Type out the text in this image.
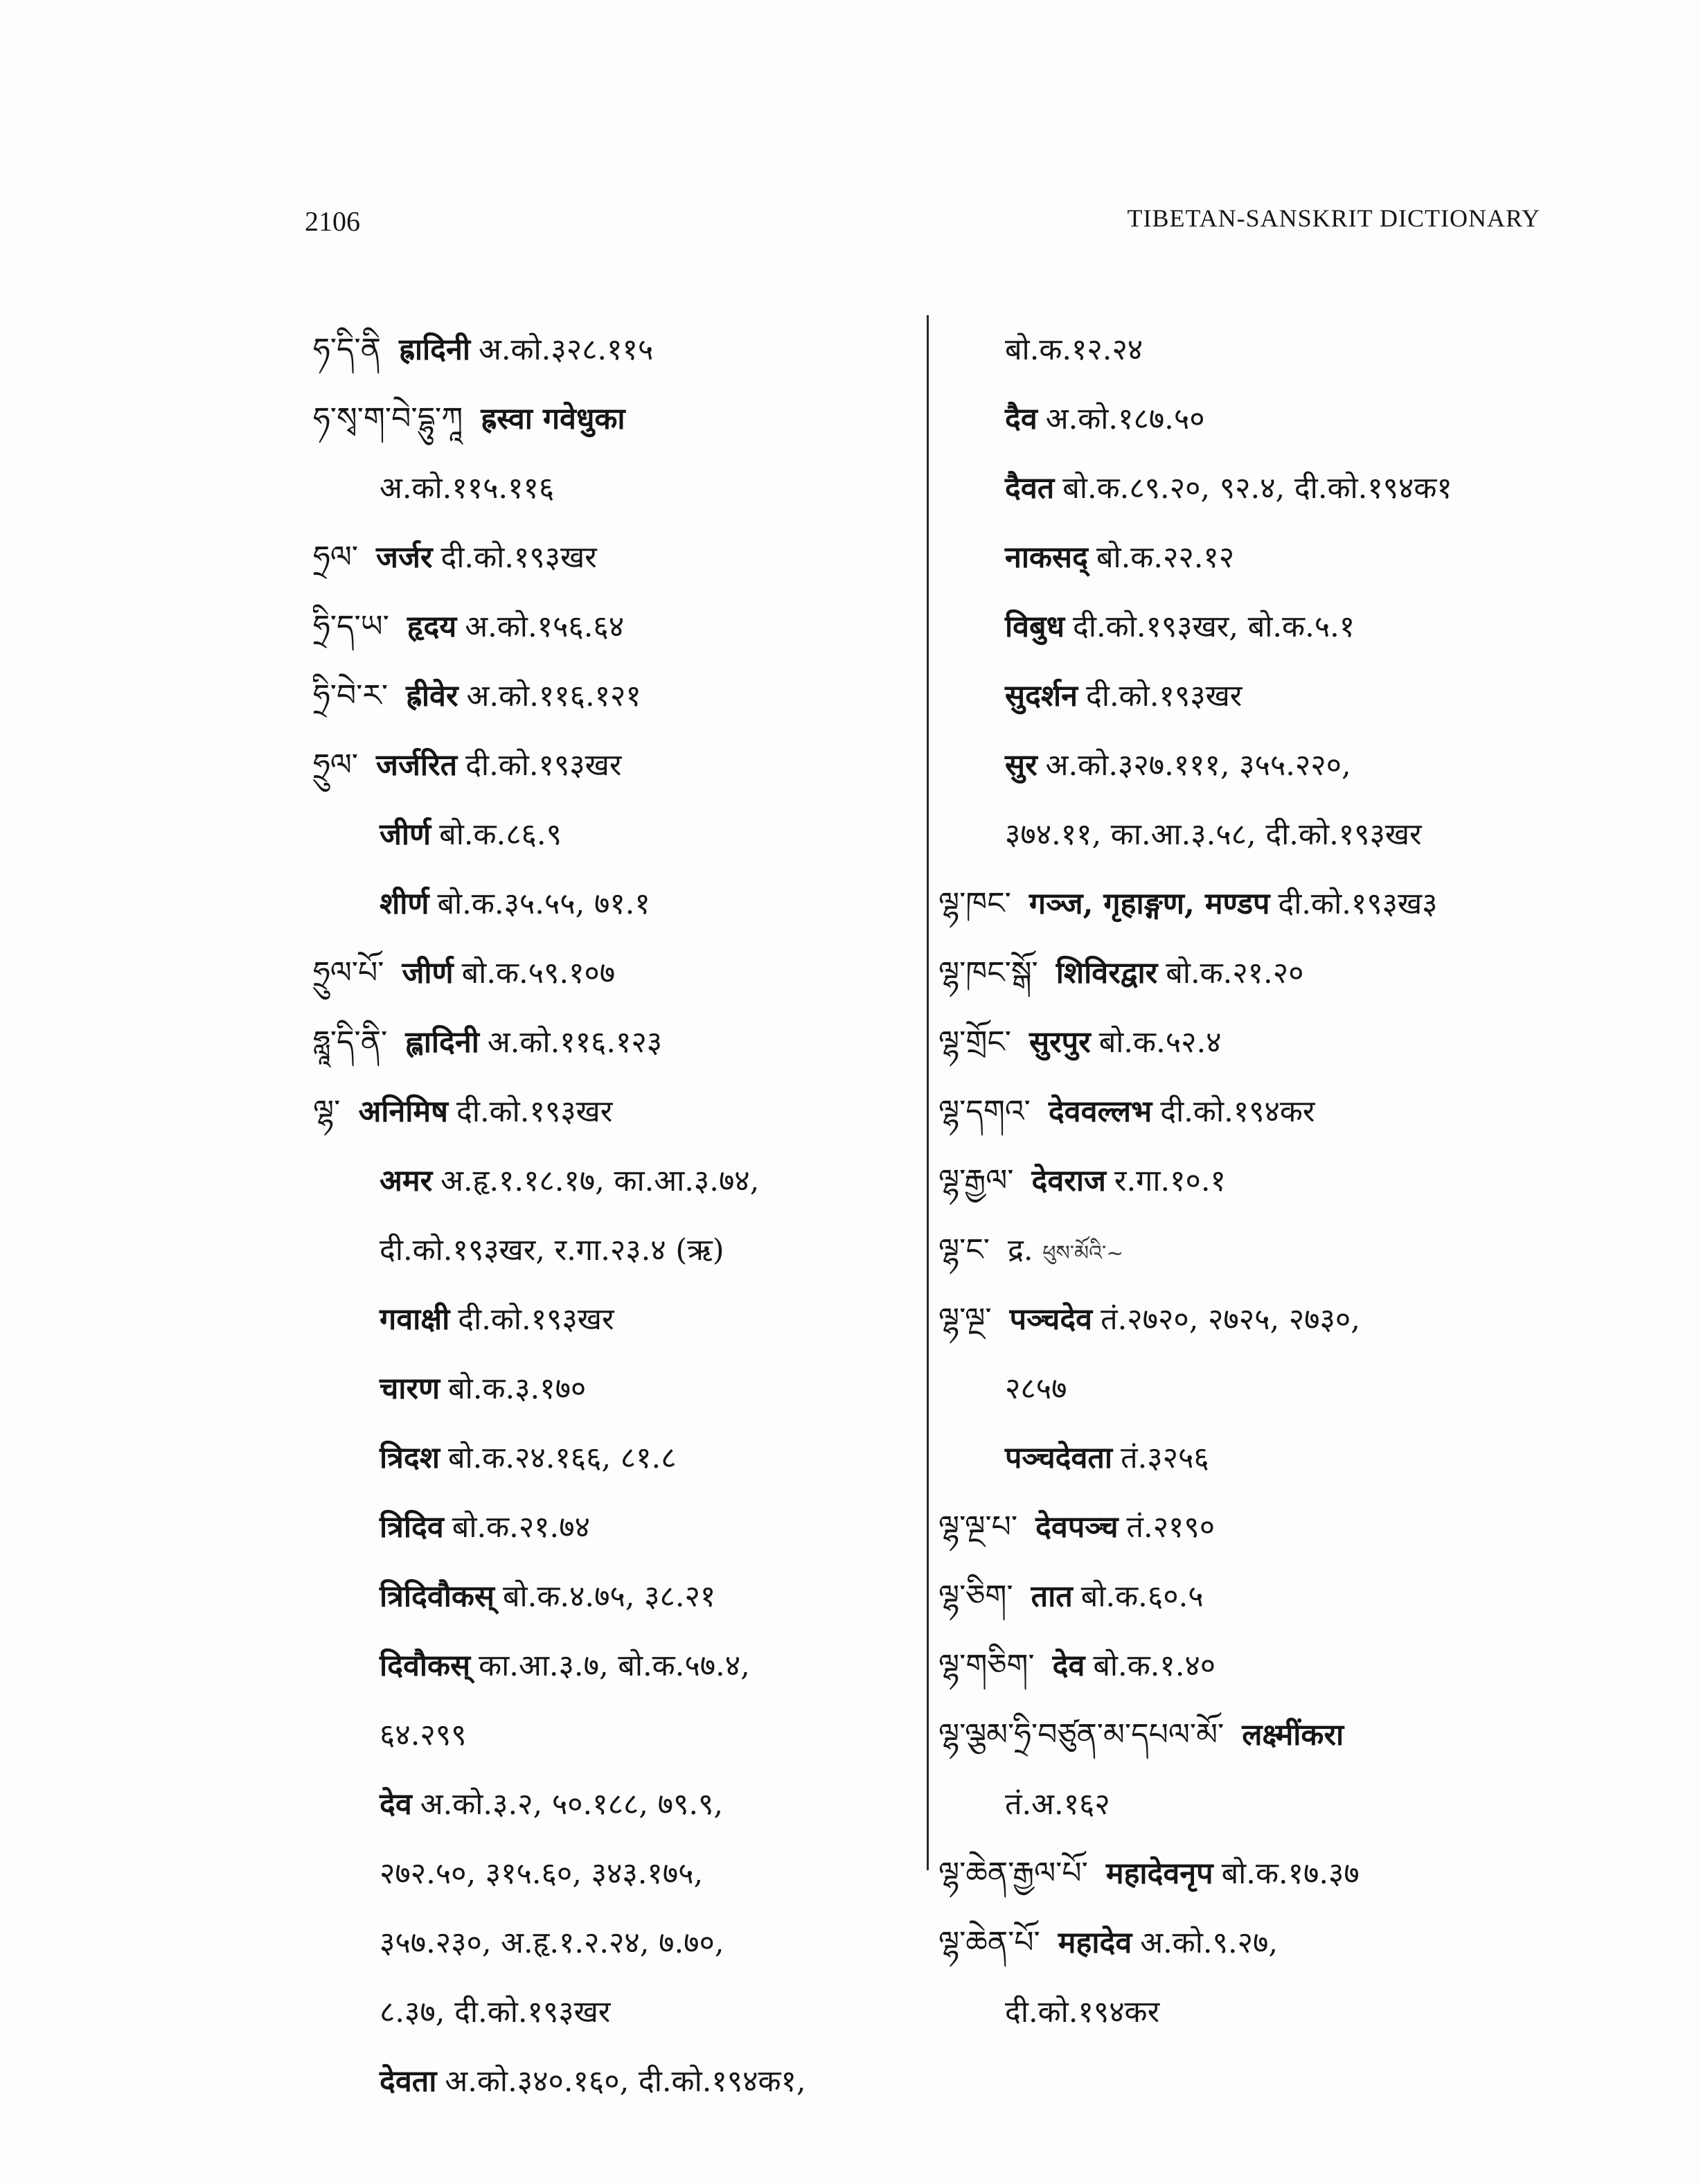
2106	TIBETAN-SANSKRIT DICTIONARY
ཧ་དི་ནི ह्रादिनी अ.को.३२८.११५
ཧ་སྭ་ག་བེ་དྷུ་ཀཱ ह्रस्वा गवेधुका
अ.को.११५.११६
ཧྲལ་ जर्जर दी.को.१९३खर
ཧྲི་ད་ཡ་ हृदय अ.को.१५६.६४
ཧྲི་བེ་ར་ ह्रीवेर अ.को.११६.१२१
ཧྲུལ་ जर्जरित दी.को.१९३खर
जीर्ण बो.क.८६.९
शीर्ण बो.क.३५.५५, ७१.१
ཧྲུལ་པོ་ जीर्ण बो.क.५९.१०७
ཧླཱ་དི་ནི་ ह्लादिनी अ.को.११६.१२३
ལྷ་ अनिमिष दी.को.१९३खर
अमर अ.हृ.१.१८.१७, का.आ.३.७४,
दी.को.१९३खर, र.गा.२३.४ (ऋ)
गवाक्षी दी.को.१९३खर
चारण बो.क.३.१७०
त्रिदश बो.क.२४.१६६, ८१.८
त्रिदिव बो.क.२१.७४
त्रिदिवौकस् बो.क.४.७५, ३८.२१
दिवौकस् का.आ.३.७, बो.क.५७.४,
६४.२९९
देव अ.को.३.२, ५०.१८८, ७९.९,
२७२.५०, ३१५.६०, ३४३.१७५,
३५७.२३०, अ.हृ.१.२.२४, ७.७०,
८.३७, दी.को.१९३खर
देवता अ.को.३४०.१६०, दी.को.१९४क१,
बो.क.१२.२४
दैव अ.को.१८७.५०
दैवत बो.क.८९.२०, ९२.४, दी.को.१९४क१
नाकसद् बो.क.२२.१२
विबुध दी.को.१९३खर, बो.क.५.१
सुदर्शन दी.को.१९३खर
सुर अ.को.३२७.१११, ३५५.२२०,
३७४.११, का.आ.३.५८, दी.को.१९३खर
ལྷ་ཁང་ गञ्ज, गृहाङ्गण, मण्डप दी.को.१९३ख३
ལྷ་ཁང་སྒོ་ शिविरद्वार बो.क.२१.२०
ལྷ་གྲོང་ सुरपुर बो.क.५२.४
ལྷ་དགའ་ देववल्लभ दी.को.१९४कर
ལྷ་རྒྱལ་ देवराज र.गा.१०.१
ལྷ་ང་ द्र. ཕུས་མོའི་~
ལྷ་ལྔ་ पञ्चदेव तं.२७२०, २७२५, २७३०,
२८५७
पञ्चदेवता तं.३२५६
ལྷ་ལྔ་པ་ देवपञ्च तं.२१९०
ལྷ་ཅིག་ तात बो.क.६०.५
ལྷ་གཅིག་ देव बो.क.१.४०
ལྷ་ལྕམ་ཧྲི་བཙུན་མ་དཔལ་མོ་ लक्ष्मींकरा
तं.अ.१६२
ལྷ་ཆེན་རྒྱལ་པོ་ महादेवनृप बो.क.१७.३७
ལྷ་ཆེན་པོ་ महादेव अ.को.९.२७,
दी.को.१९४कर
